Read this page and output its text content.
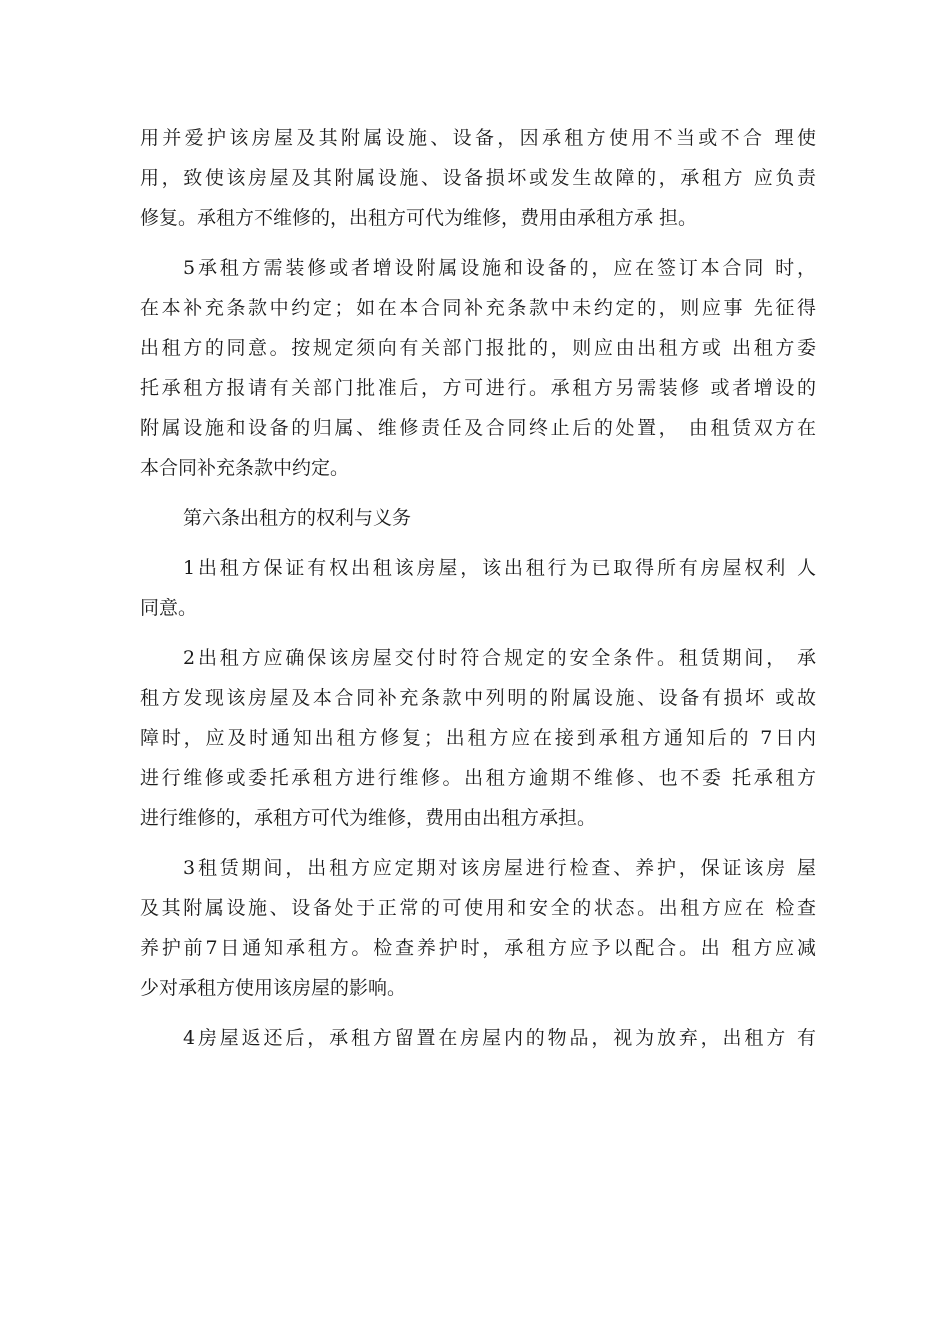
用并爱护该房屋及其附属设施、设备，因承租方使用不当或不合 理使
用，致使该房屋及其附属设施、设备损坏或发生故障的，承租方 应负责
修复。承租方不维修的，出租方可代为维修，费用由承租方承 担。
5承租方需装修或者增设附属设施和设备的，应在签订本合同 时，
在本补充条款中约定；如在本合同补充条款中未约定的，则应事 先征得
出租方的同意。按规定须向有关部门报批的，则应由出租方或 出租方委
托承租方报请有关部门批准后，方可进行。承租方另需装修 或者增设的
附属设施和设备的归属、维修责任及合同终止后的处置， 由租赁双方在
本合同补充条款中约定。
第六条出租方的权利与义务
1出租方保证有权出租该房屋，该出租行为已取得所有房屋权利 人
同意。
2出租方应确保该房屋交付时符合规定的安全条件。租赁期间， 承
租方发现该房屋及本合同补充条款中列明的附属设施、设备有损坏 或故
障时，应及时通知出租方修复；出租方应在接到承租方通知后的 7日内
进行维修或委托承租方进行维修。出租方逾期不维修、也不委 托承租方
进行维修的，承租方可代为维修，费用由出租方承担。
3租赁期间，出租方应定期对该房屋进行检查、养护，保证该房 屋
及其附属设施、设备处于正常的可使用和安全的状态。出租方应在 检查
养护前7日通知承租方。检查养护时，承租方应予以配合。出 租方应减
少对承租方使用该房屋的影响。
4房屋返还后，承租方留置在房屋内的物品，视为放弃，出租方 有
